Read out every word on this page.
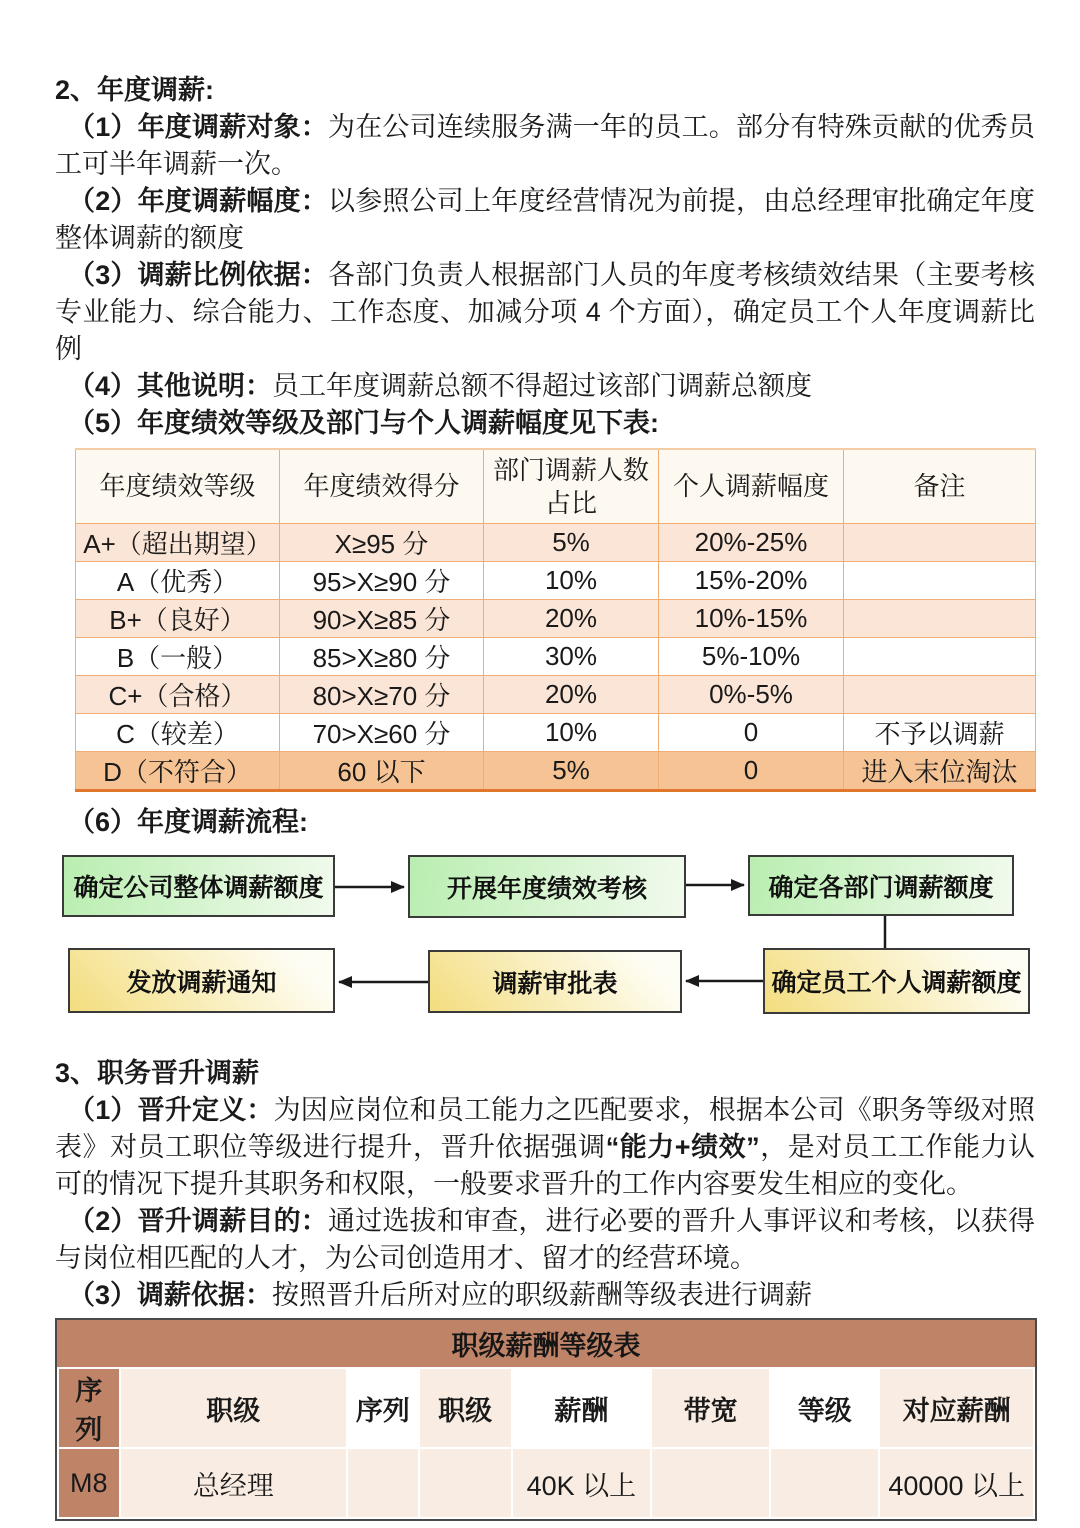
2、年度调薪:

（1）年度调薪对象：为在公司连续服务满一年的员工。部分有特殊贡献的优秀员工可半年调薪一次。

（2）年度调薪幅度：以参照公司上年度经营情况为前提，由总经理审批确定年度整体调薪的额度

（3）调薪比例依据：各部门负责人根据部门人员的年度考核绩效结果（主要考核专业能力、综合能力、工作态度、加减分项 4 个方面），确定员工个人年度调薪比例

（4）其他说明：员工年度调薪总额不得超过该部门调薪总额度

（5）年度绩效等级及部门与个人调薪幅度见下表:

年度绩效等级	年度绩效得分	部门调薪人数占比	个人调薪幅度	备注
A+（超出期望）	X≥95 分	5%	20%-25%	
A（优秀）	95>X≥90 分	10%	15%-20%	
B+（良好）	90>X≥85 分	20%	10%-15%	
B（一般）	85>X≥80 分	30%	5%-10%	
C+（合格）	80>X≥70 分	20%	0%-5%	
C（较差）	70>X≥60 分	10%	0	不予以调薪
D（不符合）	60 以下	5%	0	进入末位淘汰

（6）年度调薪流程:

确定公司整体调薪额度	开展年度绩效考核	确定各部门调薪额度
确定员工个人调薪额度
调薪审批表
发放调薪通知

3、职务晋升调薪

（1）晋升定义：为因应岗位和员工能力之匹配要求，根据本公司《职务等级对照表》对员工职位等级进行提升，晋升依据强调“能力+绩效”，是对员工工作能力认可的情况下提升其职务和权限，一般要求晋升的工作内容要发生相应的变化。

（2）晋升调薪目的：通过选拔和审查，进行必要的晋升人事评议和考核，以获得与岗位相匹配的人才，为公司创造用才、留才的经营环境。

（3）调薪依据：按照晋升后所对应的职级薪酬等级表进行调薪

职级薪酬等级表
序列	职级	序列	职级	薪酬	带宽	等级	对应薪酬
M8	总经理			40K 以上			40000 以上
